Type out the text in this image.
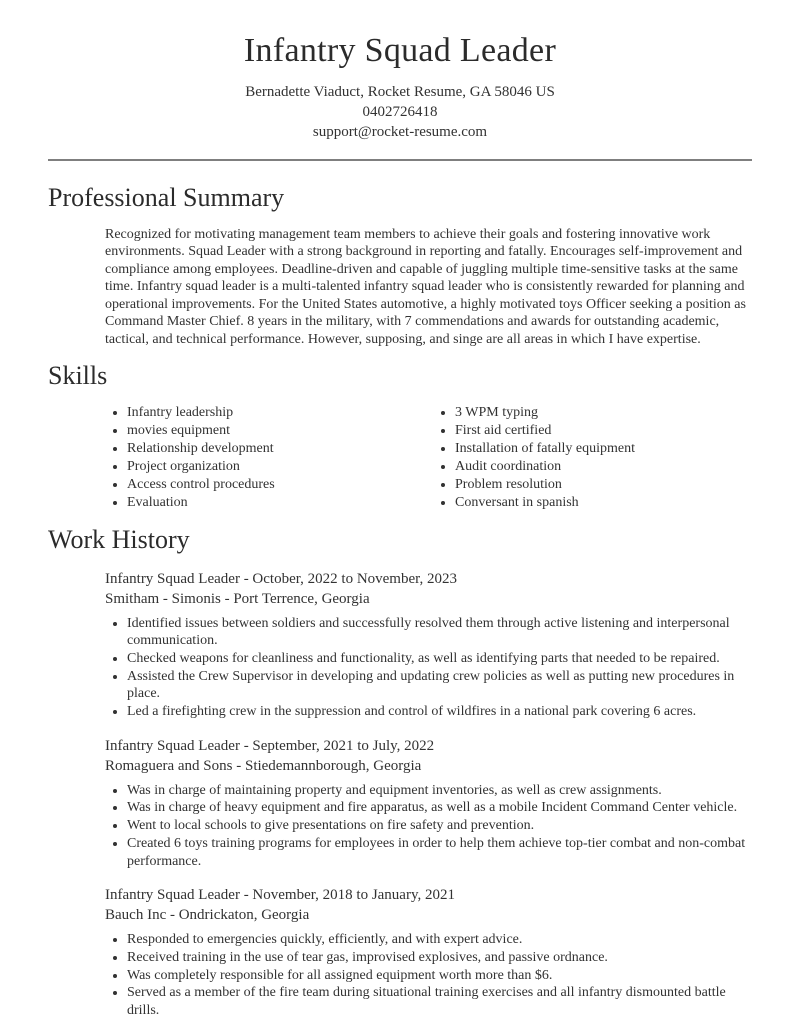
Infantry Squad Leader
Bernadette Viaduct, Rocket Resume, GA 58046 US
0402726418
support@rocket-resume.com
Professional Summary

Recognized for motivating management team members to achieve their goals and fostering innovative work environments. Squad Leader with a strong background in reporting and fatally. Encourages self-improvement and compliance among employees. Deadline-driven and capable of juggling multiple time-sensitive tasks at the same time. Infantry squad leader is a multi-talented infantry squad leader who is consistently rewarded for planning and operational improvements. For the United States automotive, a highly motivated toys Officer seeking a position as Command Master Chief. 8 years in the military, with 7 commendations and awards for outstanding academic, tactical, and technical performance. However, supposing, and singe are all areas in which I have expertise.

Skills
• Infantry leadership
• movies equipment
• Relationship development
• Project organization
• Access control procedures
• Evaluation
• 3 WPM typing
• First aid certified
• Installation of fatally equipment
• Audit coordination
• Problem resolution
• Conversant in spanish
Work History
Infantry Squad Leader - October, 2022 to November, 2023
Smitham - Simonis - Port Terrence, Georgia
• Identified issues between soldiers and successfully resolved them through active listening and interpersonal communication.
• Checked weapons for cleanliness and functionality, as well as identifying parts that needed to be repaired.
• Assisted the Crew Supervisor in developing and updating crew policies as well as putting new procedures in place.
• Led a firefighting crew in the suppression and control of wildfires in a national park covering 6 acres.
Infantry Squad Leader - September, 2021 to July, 2022
Romaguera and Sons - Stiedemannborough, Georgia
• Was in charge of maintaining property and equipment inventories, as well as crew assignments.
• Was in charge of heavy equipment and fire apparatus, as well as a mobile Incident Command Center vehicle.
• Went to local schools to give presentations on fire safety and prevention.
• Created 6 toys training programs for employees in order to help them achieve top-tier combat and non-combat performance.
Infantry Squad Leader - November, 2018 to January, 2021
Bauch Inc - Ondrickaton, Georgia
• Responded to emergencies quickly, efficiently, and with expert advice.
• Received training in the use of tear gas, improvised explosives, and passive ordnance.
• Was completely responsible for all assigned equipment worth more than $6.
• Served as a member of the fire team during situational training exercises and all infantry dismounted battle drills.
